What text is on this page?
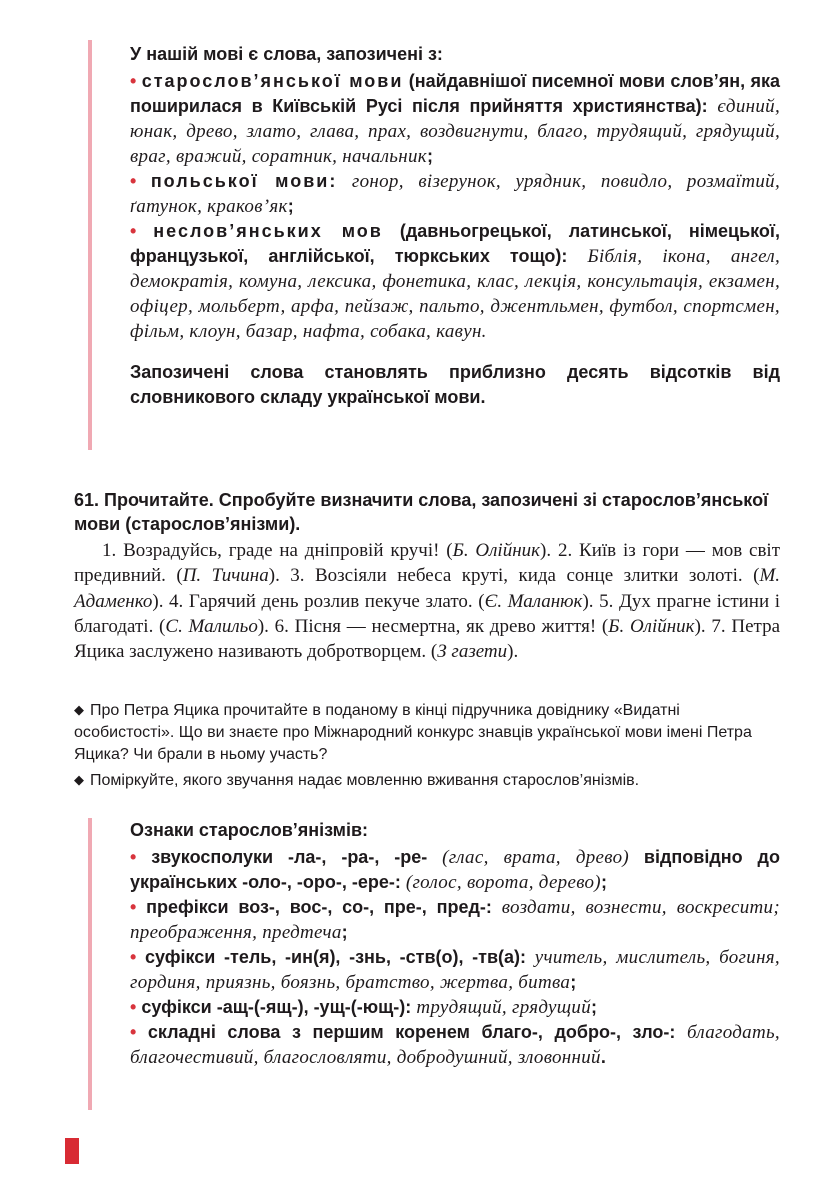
У нашій мові є слова, запозичені з:

• старослов’янської мови (найдавнішої писемної мови слов’ян, яка поширилася в Київській Русі після прийняття християнства): єдиний, юнак, древо, злато, глава, прах, воздвигнути, благо, трудящий, грядущий, враг, вражий, соратник, начальник;

• польської мови: гонор, візерунок, урядник, повидло, розмаїтий, ґатунок, краков’як;

• неслов’янських мов (давньогрецької, латинської, німецької, французької, англійської, тюркських тощо): Біблія, ікона, ангел, демократія, комуна, лексика, фонетика, клас, лекція, консультація, екзамен, офіцер, мольберт, арфа, пейзаж, пальто, джентльмен, футбол, спортсмен, фільм, клоун, базар, нафта, собака, кавун.

Запозичені слова становлять приблизно десять відсотків від словникового складу української мови.

61. Прочитайте. Спробуйте визначити слова, запозичені зі старослов’янської мови (старослов’янізми).

1. Возрадуйсь, граде на дніпровій кручі! (Б. Олійник). 2. Київ із гори — мов світ предивний. (П. Тичина). 3. Возсіяли небеса круті, кида сонце злитки золоті. (М. Адаменко). 4. Гарячий день розлив пекуче злато. (Є. Маланюк). 5. Дух прагне істини і благодаті. (С. Малильо). 6. Пісня — несмертна, як древо життя! (Б. Олійник). 7. Петра Яцика заслужено називають добротворцем. (З газети).

◆ Про Петра Яцика прочитайте в поданому в кінці підручника довіднику «Видатні особистості». Що ви знаєте про Міжнародний конкурс знавців української мови імені Петра Яцика? Чи брали в ньому участь?

◆ Поміркуйте, якого звучання надає мовленню вживання старослов’янізмів.

Ознаки старослов’янізмів:

• звукосполуки -ла-, -ра-, -ре- (глас, врата, древо) відповідно до українських -оло-, -оро-, -ере-: (голос, ворота, дерево);

• префікси воз-, вос-, со-, пре-, пред-: воздати, вознести, воскресити; преображення, предтеча;

• суфікси -тель, -ин(я), -знь, -ств(о), -тв(а): учитель, мислитель, богиня, гординя, приязнь, боязнь, братство, жертва, битва;

• суфікси -ащ-(-ящ-), -ущ-(-ющ-): трудящий, грядущий;

• складні слова з першим коренем благо-, добро-, зло-: благодать, благочестивий, благословляти, добродушний, зловонний.
